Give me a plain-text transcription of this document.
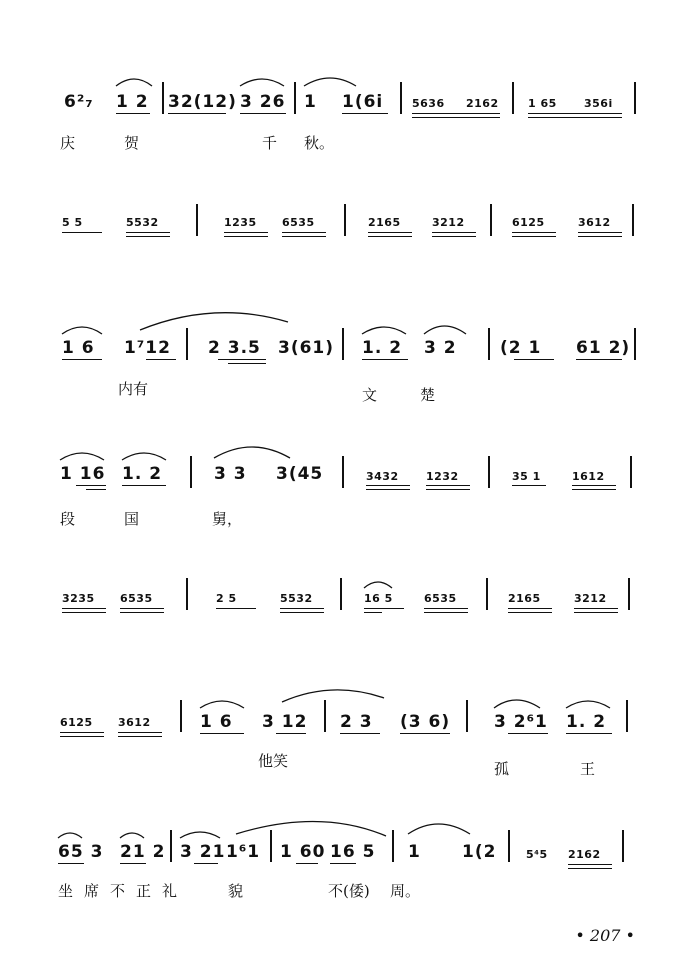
6²₇ 1 2 32(12) 3 26 1 1(6i	5636 2162	1 65 356i
庆	贺	千 秋。
5 5	5532	1235 6535	2165	3212	6125	3612
1 6 1⁷12 2 3.5 3(61) 1. 2 3 2	(2 1 61 2)
内有	文	楚
1 16 1. 2	3 3 3(45	3432 1232	35 1	1612
段	国	舅，
3235 6535	2 5	5532	16 5	6535	2165	3212
6125 3612	1 6 3 12 2 3 (3 6)	3 2⁶1 1. 2
他笑	孤	王
65 3 21 2 3 21 1⁶1 1 60 16 5 1 1(2	5⁴5 2162
坐 席 不 正 礼	貌	不(倭) 周。
• 207 •
